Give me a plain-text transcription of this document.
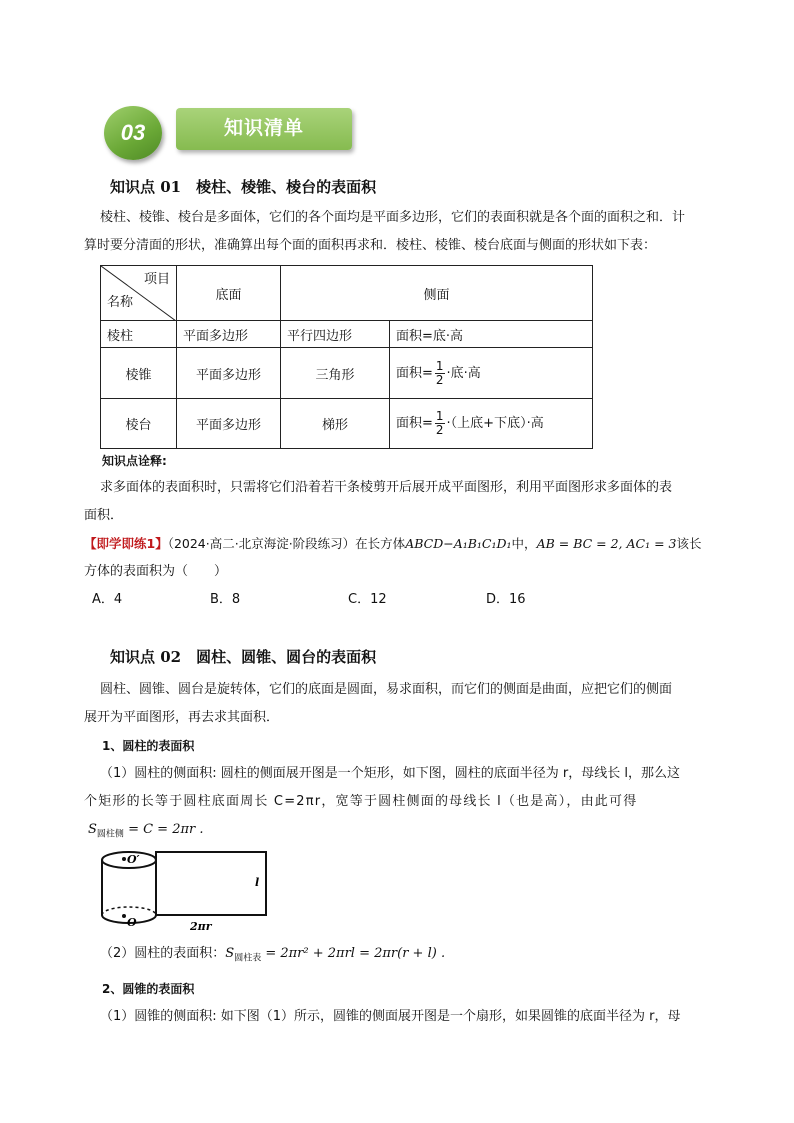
03	知识清单
知识点 01　棱柱、棱锥、棱台的表面积
棱柱、棱锥、棱台是多面体，它们的各个面均是平面多边形，它们的表面积就是各个面的面积之和．计
算时要分清面的形状，准确算出每个面的面积再求和．棱柱、棱锥、棱台底面与侧面的形状如下表：
项目
名称	底面	侧面	
棱柱	平面多边形	平行四边形	面积=底·高
棱锥	平面多边形	三角形	面积= $\frac{1}{2}$ ·底·高
棱台	平面多边形	梯形	面积= $\frac{1}{2}$ ·（上底+下底）·高
知识点诠释:
求多面体的表面积时，只需将它们沿着若干条棱剪开后展开成平面图形，利用平面图形求多面体的表
面积．
【即学即练1】（2024·高二·北京海淀·阶段练习）在长方体ABCD−A₁B₁C₁D₁中，AB = BC = 2, AC₁ = 3该长
方体的表面积为（　　）
A．4	B．8	C．12	D．16
知识点 02　圆柱、圆锥、圆台的表面积
圆柱、圆锥、圆台是旋转体，它们的底面是圆面，易求面积，而它们的侧面是曲面，应把它们的侧面
展开为平面图形，再去求其面积．
1、圆柱的表面积
（1）圆柱的侧面积: 圆柱的侧面展开图是一个矩形，如下图，圆柱的底面半径为 r，母线长 l，那么这
个矩形的长等于圆柱底面周长 C=2πr，宽等于圆柱侧面的母线长 l（也是高），由此可得
$S_{圆柱侧} = C = 2\pi r$ .
O′
O
l
2πr
（2）圆柱的表面积：$S_{圆柱表} = 2\pi r^2 + 2\pi rl = 2\pi r(r + l)$ .
2、圆锥的表面积
（1）圆锥的侧面积: 如下图（1）所示，圆锥的侧面展开图是一个扇形，如果圆锥的底面半径为 r，母
